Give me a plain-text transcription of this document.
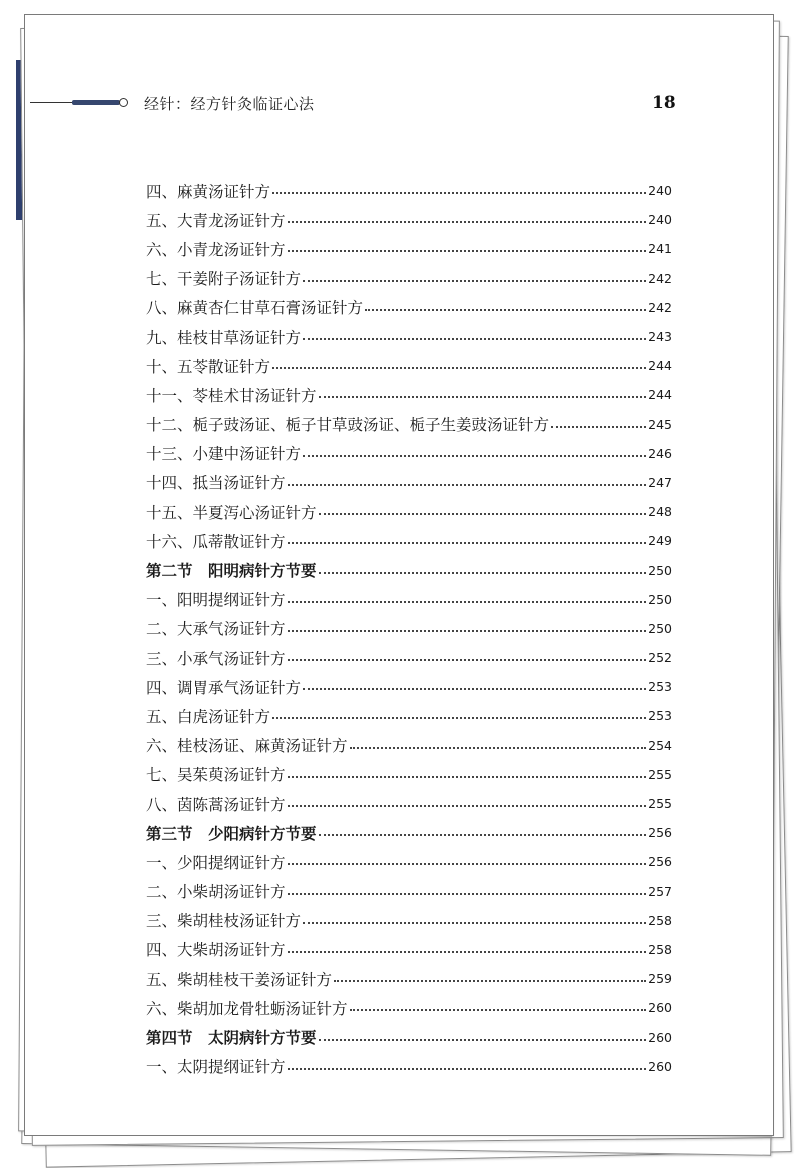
经针：经方针灸临证心法	18
四、麻黄汤证针方	240
五、大青龙汤证针方	240
六、小青龙汤证针方	241
七、干姜附子汤证针方	242
八、麻黄杏仁甘草石膏汤证针方	242
九、桂枝甘草汤证针方	243
十、五苓散证针方	244
十一、苓桂术甘汤证针方	244
十二、栀子豉汤证、栀子甘草豉汤证、栀子生姜豉汤证针方	245
十三、小建中汤证针方	246
十四、抵当汤证针方	247
十五、半夏泻心汤证针方	248
十六、瓜蒂散证针方	249
第二节　阳明病针方节要	250
一、阳明提纲证针方	250
二、大承气汤证针方	250
三、小承气汤证针方	252
四、调胃承气汤证针方	253
五、白虎汤证针方	253
六、桂枝汤证、麻黄汤证针方	254
七、吴茱萸汤证针方	255
八、茵陈蒿汤证针方	255
第三节　少阳病针方节要	256
一、少阳提纲证针方	256
二、小柴胡汤证针方	257
三、柴胡桂枝汤证针方	258
四、大柴胡汤证针方	258
五、柴胡桂枝干姜汤证针方	259
六、柴胡加龙骨牡蛎汤证针方	260
第四节　太阴病针方节要	260
一、太阴提纲证针方	260
